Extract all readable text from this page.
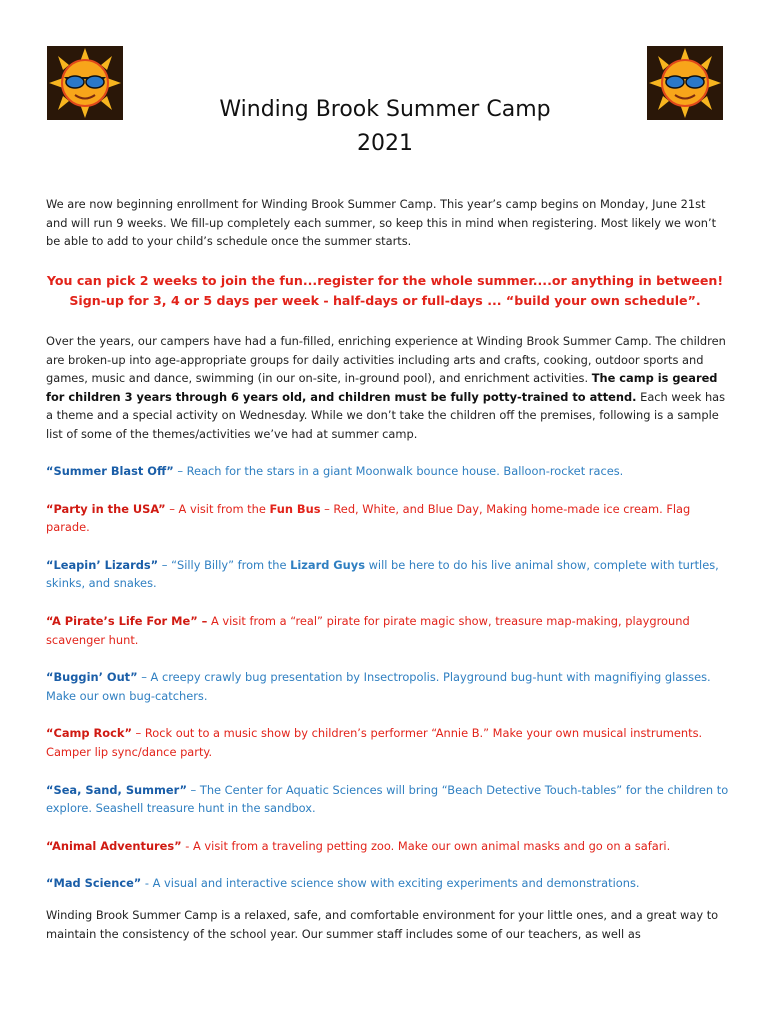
Winding Brook Summer Camp
2021

We are now beginning enrollment for Winding Brook Summer Camp. This year’s camp begins on Monday, June 21st and will run 9 weeks. We fill-up completely each summer, so keep this in mind when registering. Most likely we won’t be able to add to your child’s schedule once the summer starts.

You can pick 2 weeks to join the fun...register for the whole summer....or anything in between!
Sign-up for 3, 4 or 5 days per week - half-days or full-days ... “build your own schedule”.

Over the years, our campers have had a fun-filled, enriching experience at Winding Brook Summer Camp. The children are broken-up into age-appropriate groups for daily activities including arts and crafts, cooking, outdoor sports and games, music and dance, swimming (in our on-site, in-ground pool), and enrichment activities. The camp is geared for children 3 years through 6 years old, and children must be fully potty-trained to attend. Each week has a theme and a special activity on Wednesday. While we don’t take the children off the premises, following is a sample list of some of the themes/activities we’ve had at summer camp.

“Summer Blast Off” – Reach for the stars in a giant Moonwalk bounce house. Balloon-rocket races.

“Party in the USA” – A visit from the Fun Bus – Red, White, and Blue Day, Making home-made ice cream. Flag parade.

“Leapin’ Lizards” – “Silly Billy” from the Lizard Guys will be here to do his live animal show, complete with turtles, skinks, and snakes.

“A Pirate’s Life For Me” – A visit from a “real” pirate for pirate magic show, treasure map-making, playground scavenger hunt.

“Buggin’ Out” – A creepy crawly bug presentation by Insectropolis. Playground bug-hunt with magnifiying glasses. Make our own bug-catchers.

“Camp Rock” – Rock out to a music show by children’s performer “Annie B.” Make your own musical instruments. Camper lip sync/dance party.

“Sea, Sand, Summer” – The Center for Aquatic Sciences will bring “Beach Detective Touch-tables” for the children to explore. Seashell treasure hunt in the sandbox.

“Animal Adventures” - A visit from a traveling petting zoo. Make our own animal masks and go on a safari.

“Mad Science” - A visual and interactive science show with exciting experiments and demonstrations.

Winding Brook Summer Camp is a relaxed, safe, and comfortable environment for your little ones, and a great way to maintain the consistency of the school year. Our summer staff includes some of our teachers, as well as
